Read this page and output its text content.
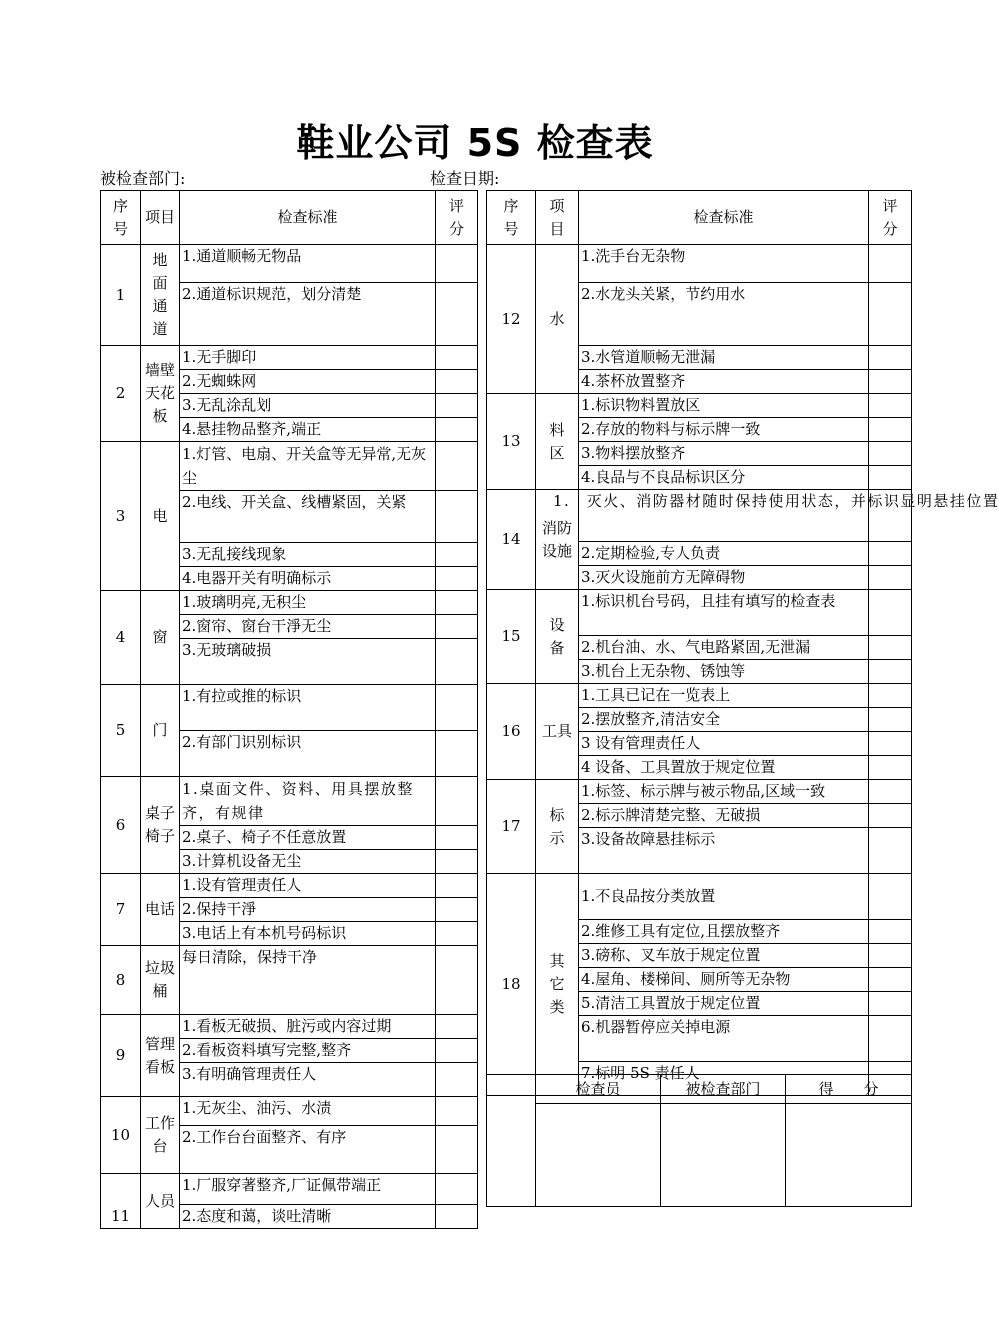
鞋业公司 5S 检查表
被检查部门:	检查日期:
序
号	项目	检查标准	评
分
1	地
面
通
道	1.通道顺畅无物品	
		2.通道标识规范，划分清楚	
2	墙壁
天花
板	1.无手脚印	
		2.无蜘蛛网	
		3.无乱涂乱划	
		4.悬挂物品整齐,端正	
3	电	1.灯管、电扇、开关盒等无异常,无灰尘	
		2.电线、开关盒、线槽紧固，关紧	
		3.无乱接线现象	
		4.电器开关有明确标示	
4	窗	1.玻璃明亮,无积尘	
		2.窗帘、窗台干淨无尘	
		3.无玻璃破损	
5	门	1.有拉或推的标识	
		2.有部门识别标识	
6	桌子
椅子	1.桌面文件、资料、用具摆放整齐，有规律	
		2.桌子、椅子不任意放置	
		3.计算机设备无尘	
7	电话	1.设有管理责任人	
		2.保持干淨	
		3.电话上有本机号码标识	
8	垃圾
桶	每日清除，保持干净	
9	管理
看板	1.看板无破损、脏污或内容过期	
		2.看板资料填写完整,整齐	
		3.有明确管理责任人	
10	工作
台	1.无灰尘、油污、水渍	
		2.工作台台面整齐、有序	
11	人员	1.厂服穿著整齐,厂证佩带端正	
		2.态度和蔼，谈吐清晰	
序
号	项
目	检查标准	评
分
12	水	1.洗手台无杂物	
		2.水龙头关紧，节约用水	
		3.水管道顺畅无泄漏	
		4.茶杯放置整齐	
13	料
区	1.标识物料置放区	
		2.存放的物料与标示牌一致	
		3.物料摆放整齐	
		4.良品与不良品标识区分	
14	消防
设施	1.　灭火、消防器材随时保持使用状态，并标识显明悬挂位置	
		2.定期检验,专人负责	
		3.灭火设施前方无障碍物	
15	设
备	1.标识机台号码，且挂有填写的检查表	
		2.机台油、水、气电路紧固,无泄漏	
		3.机台上无杂物、锈蚀等	
16	工具	1.工具已记在一览表上	
		2.摆放整齐,清洁安全	
		3 设有管理责任人	
		4 设备、工具置放于规定位置	
17	标
示	1.标签、标示牌与被示物品,区域一致	
		2.标示牌清楚完整、无破损	
		3.设备故障悬挂标示	
18	其
它
类	1.不良品按分类放置	
		2.维修工具有定位,且摆放整齐	
		3.磅称、叉车放于规定位置	
		4.屋角、楼梯间、厕所等无杂物	
		5.清洁工具置放于规定位置	
		6.机器暂停应关掉电源	
		7.标明 5S 责任人	
	检查员	被检查部门	得　　分
